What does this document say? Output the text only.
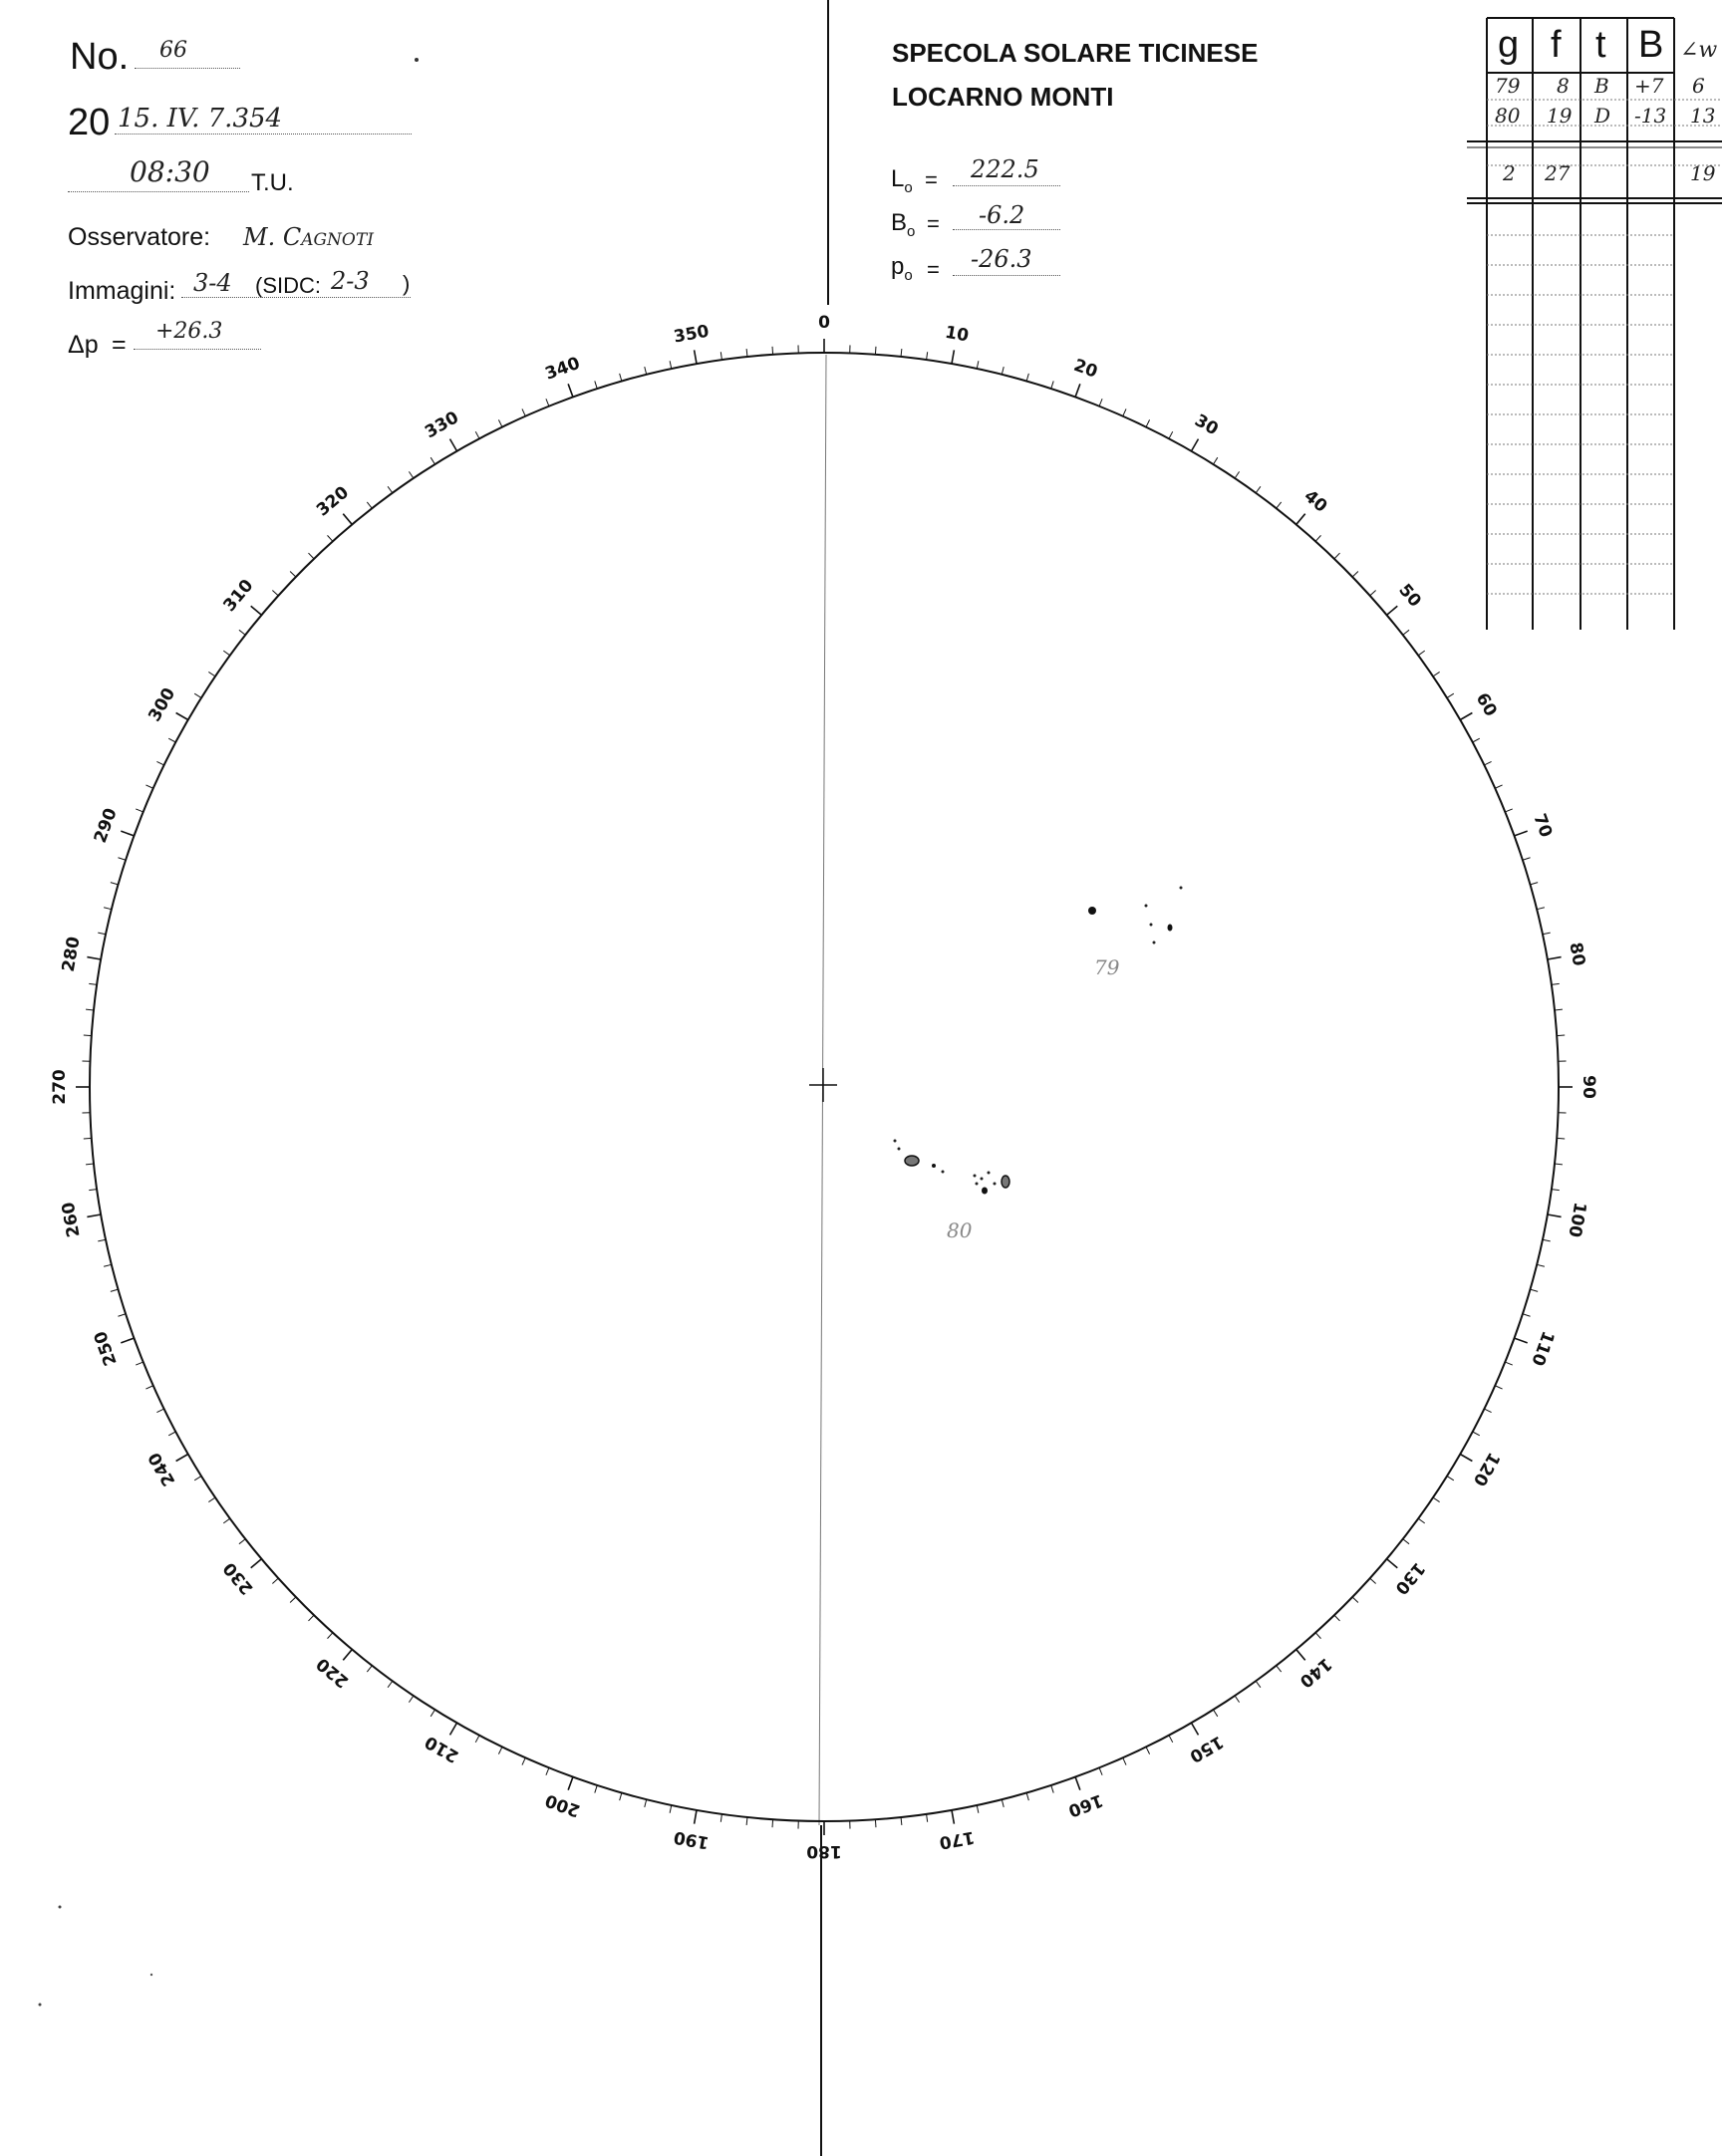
No. 66
20 15. IV. 7.354
08:30 T.U.
Osservatore: M. Cagnoti
Immagini: 3-4 (SIDC: 2-3 )
Δp = +26.3
SPECOLA SOLARE TICINESE
LOCARNO MONTI
$L_o = 222.5$
$B_o = -6.2$
$p_o = -26.3$
g f t B ∠w
79 8 B +7 6
80 19 D -13 13
2 27	19
0	10
20
30
40
50
60
70
80
90
100
110
120
130
140
150
160
170
180
190
200
210
220
230
240
250
260
270
280
290
300
310
320
330
340
350
79
80
